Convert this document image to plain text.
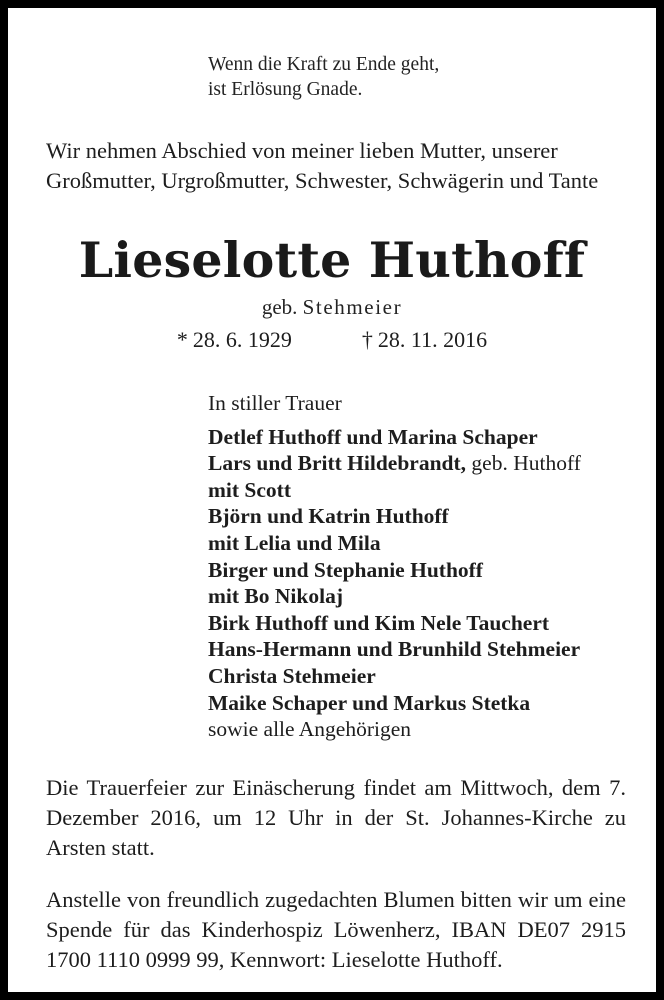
Wenn die Kraft zu Ende geht,
ist Erlösung Gnade.
Wir nehmen Abschied von meiner lieben Mutter, unserer Großmutter, Urgroßmutter, Schwester, Schwägerin und Tante
Lieselotte Huthoff
geb. Stehmeier
* 28. 6. 1929	† 28. 11. 2016
In stiller Trauer
Detlef Huthoff und Marina Schaper
Lars und Britt Hildebrandt, geb. Huthoff
mit Scott
Björn und Katrin Huthoff
mit Lelia und Mila
Birger und Stephanie Huthoff
mit Bo Nikolaj
Birk Huthoff und Kim Nele Tauchert
Hans-Hermann und Brunhild Stehmeier
Christa Stehmeier
Maike Schaper und Markus Stetka
sowie alle Angehörigen

Die Trauerfeier zur Einäscherung findet am Mittwoch, dem 7. Dezember 2016, um 12 Uhr in der St. Johannes-Kirche zu Arsten statt.

Anstelle von freundlich zugedachten Blumen bitten wir um eine Spende für das Kinderhospiz Löwenherz, IBAN DE07 2915 1700 1110 0999 99, Kennwort: Lieselotte Huthoff.
